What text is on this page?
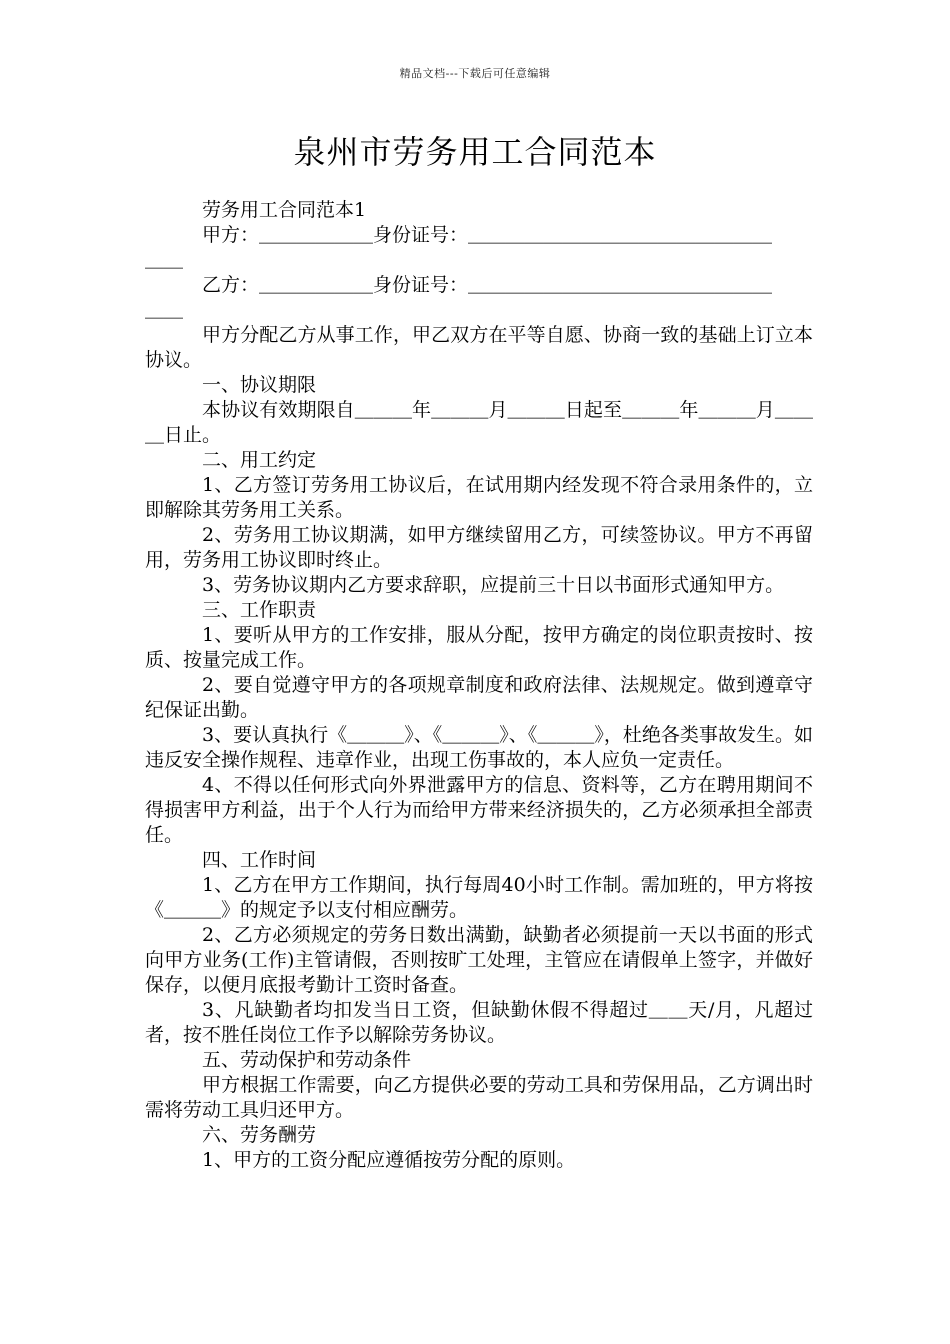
精品文档---下载后可任意编辑
泉州市劳务用工合同范本

劳务用工合同范本1

甲方：＿＿＿＿＿＿身份证号：＿＿＿＿＿＿＿＿＿＿＿＿＿＿＿＿

＿＿

乙方：＿＿＿＿＿＿身份证号：＿＿＿＿＿＿＿＿＿＿＿＿＿＿＿＿

＿＿

甲方分配乙方从事工作，甲乙双方在平等自愿、协商一致的基础上订立本协议。

一、协议期限

本协议有效期限自＿＿＿年＿＿＿月＿＿＿日起至＿＿＿年＿＿＿月＿＿＿日止。

二、用工约定

1、乙方签订劳务用工协议后，在试用期内经发现不符合录用条件的，立即解除其劳务用工关系。

2、劳务用工协议期满，如甲方继续留用乙方，可续签协议。甲方不再留用，劳务用工协议即时终止。

3、劳务协议期内乙方要求辞职，应提前三十日以书面形式通知甲方。

三、工作职责

1、要听从甲方的工作安排，服从分配，按甲方确定的岗位职责按时、按质、按量完成工作。

2、要自觉遵守甲方的各项规章制度和政府法律、法规规定。做到遵章守纪保证出勤。

3、要认真执行《＿＿＿》、《＿＿＿》、《＿＿＿》，杜绝各类事故发生。如违反安全操作规程、违章作业，出现工伤事故的，本人应负一定责任。

4、不得以任何形式向外界泄露甲方的信息、资料等，乙方在聘用期间不得损害甲方利益，出于个人行为而给甲方带来经济损失的，乙方必须承担全部责任。

四、工作时间

1、乙方在甲方工作期间，执行每周40小时工作制。需加班的，甲方将按《＿＿＿》的规定予以支付相应酬劳。

2、乙方必须规定的劳务日数出满勤，缺勤者必须提前一天以书面的形式向甲方业务(工作)主管请假，否则按旷工处理，主管应在请假单上签字，并做好保存，以便月底报考勤计工资时备查。

3、凡缺勤者均扣发当日工资，但缺勤休假不得超过＿＿天/月，凡超过者，按不胜任岗位工作予以解除劳务协议。

五、劳动保护和劳动条件

甲方根据工作需要，向乙方提供必要的劳动工具和劳保用品，乙方调出时需将劳动工具归还甲方。

六、劳务酬劳

1、甲方的工资分配应遵循按劳分配的原则。
